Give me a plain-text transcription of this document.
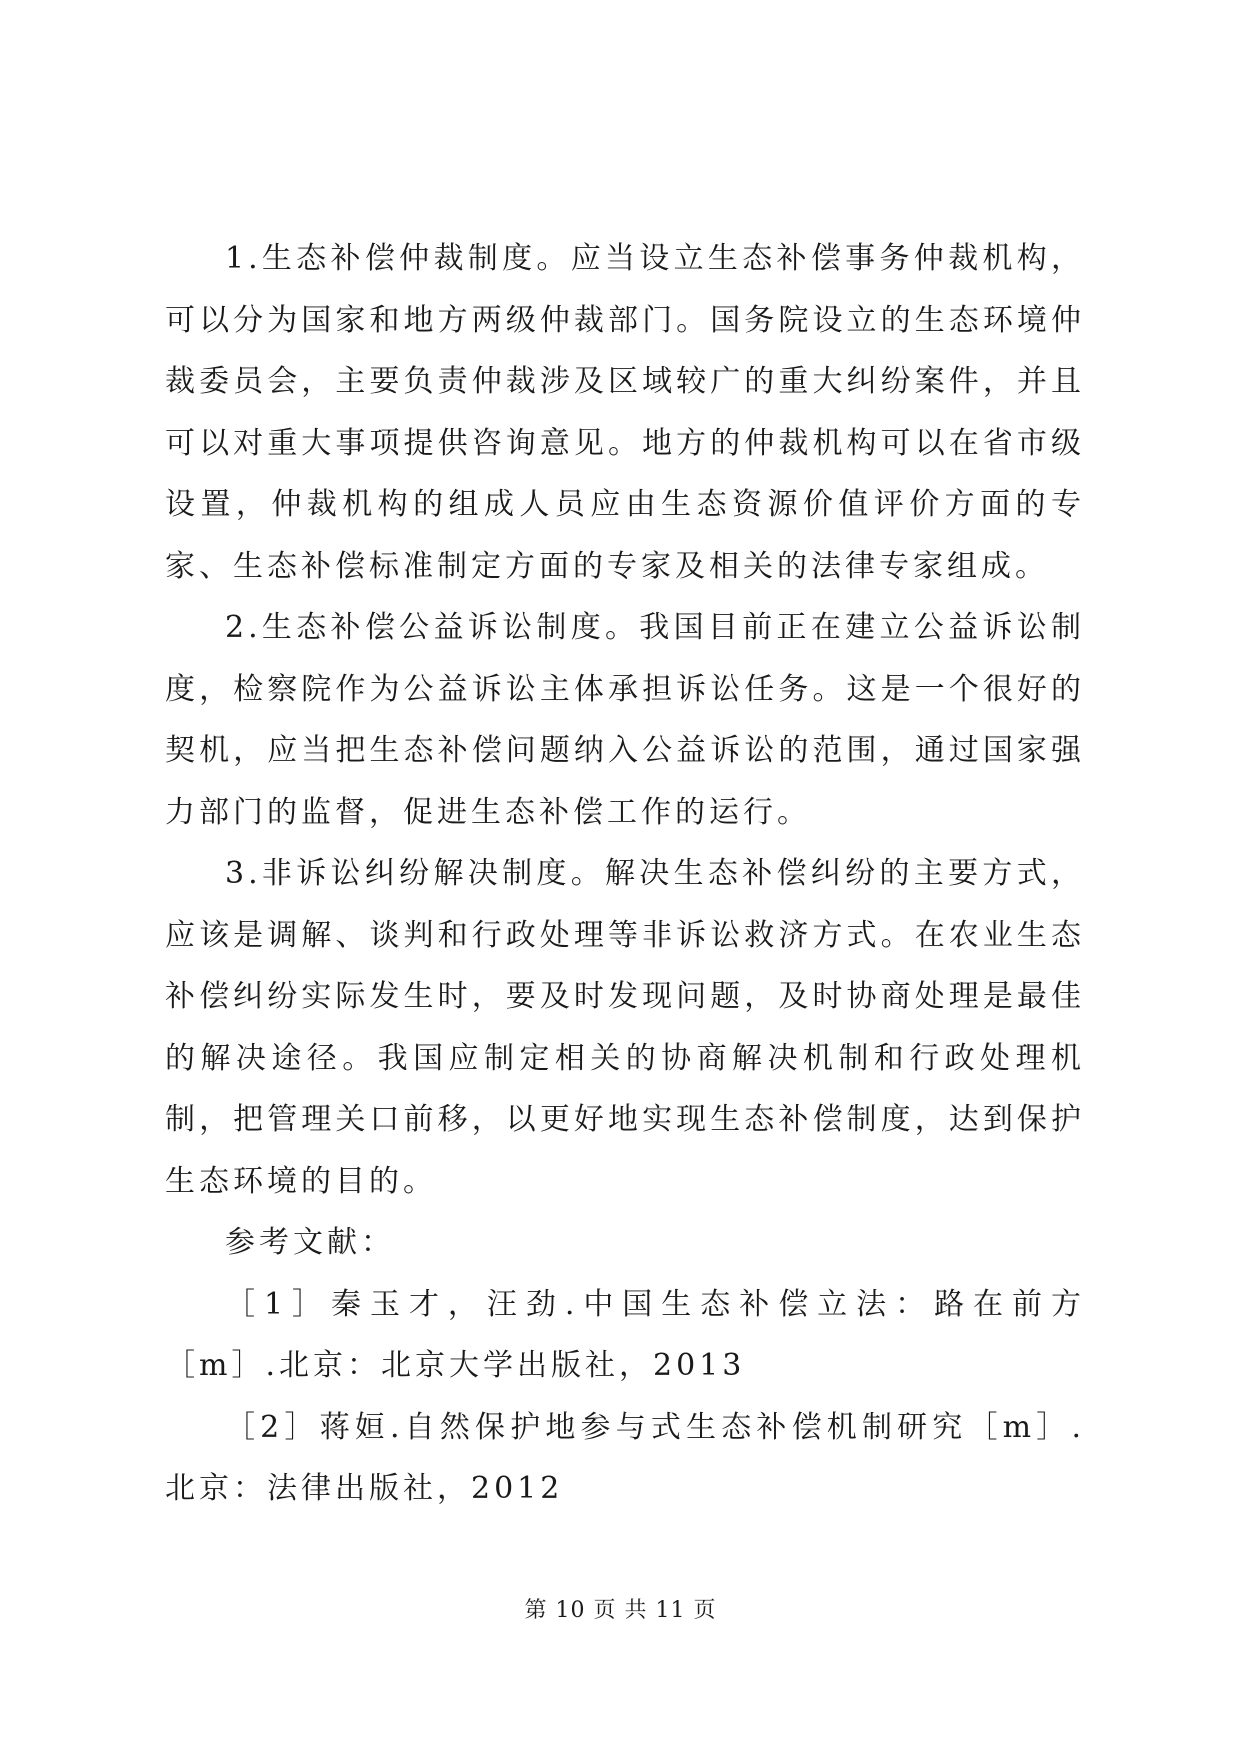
1.生态补偿仲裁制度。应当设立生态补偿事务仲裁机构，可以分为国家和地方两级仲裁部门。国务院设立的生态环境仲裁委员会，主要负责仲裁涉及区域较广的重大纠纷案件，并且可以对重大事项提供咨询意见。地方的仲裁机构可以在省市级设置，仲裁机构的组成人员应由生态资源价值评价方面的专家、生态补偿标准制定方面的专家及相关的法律专家组成。

2.生态补偿公益诉讼制度。我国目前正在建立公益诉讼制度，检察院作为公益诉讼主体承担诉讼任务。这是一个很好的契机，应当把生态补偿问题纳入公益诉讼的范围，通过国家强力部门的监督，促进生态补偿工作的运行。

3.非诉讼纠纷解决制度。解决生态补偿纠纷的主要方式，应该是调解、谈判和行政处理等非诉讼救济方式。在农业生态补偿纠纷实际发生时，要及时发现问题，及时协商处理是最佳的解决途径。我国应制定相关的协商解决机制和行政处理机制，把管理关口前移，以更好地实现生态补偿制度，达到保护生态环境的目的。

参考文献：

［1］秦玉才，汪劲.中国生态补偿立法：路在前方［m］.北京：北京大学出版社，2013

［2］蒋姮.自然保护地参与式生态补偿机制研究［m］.北京：法律出版社，2012

第 10 页 共 11 页
